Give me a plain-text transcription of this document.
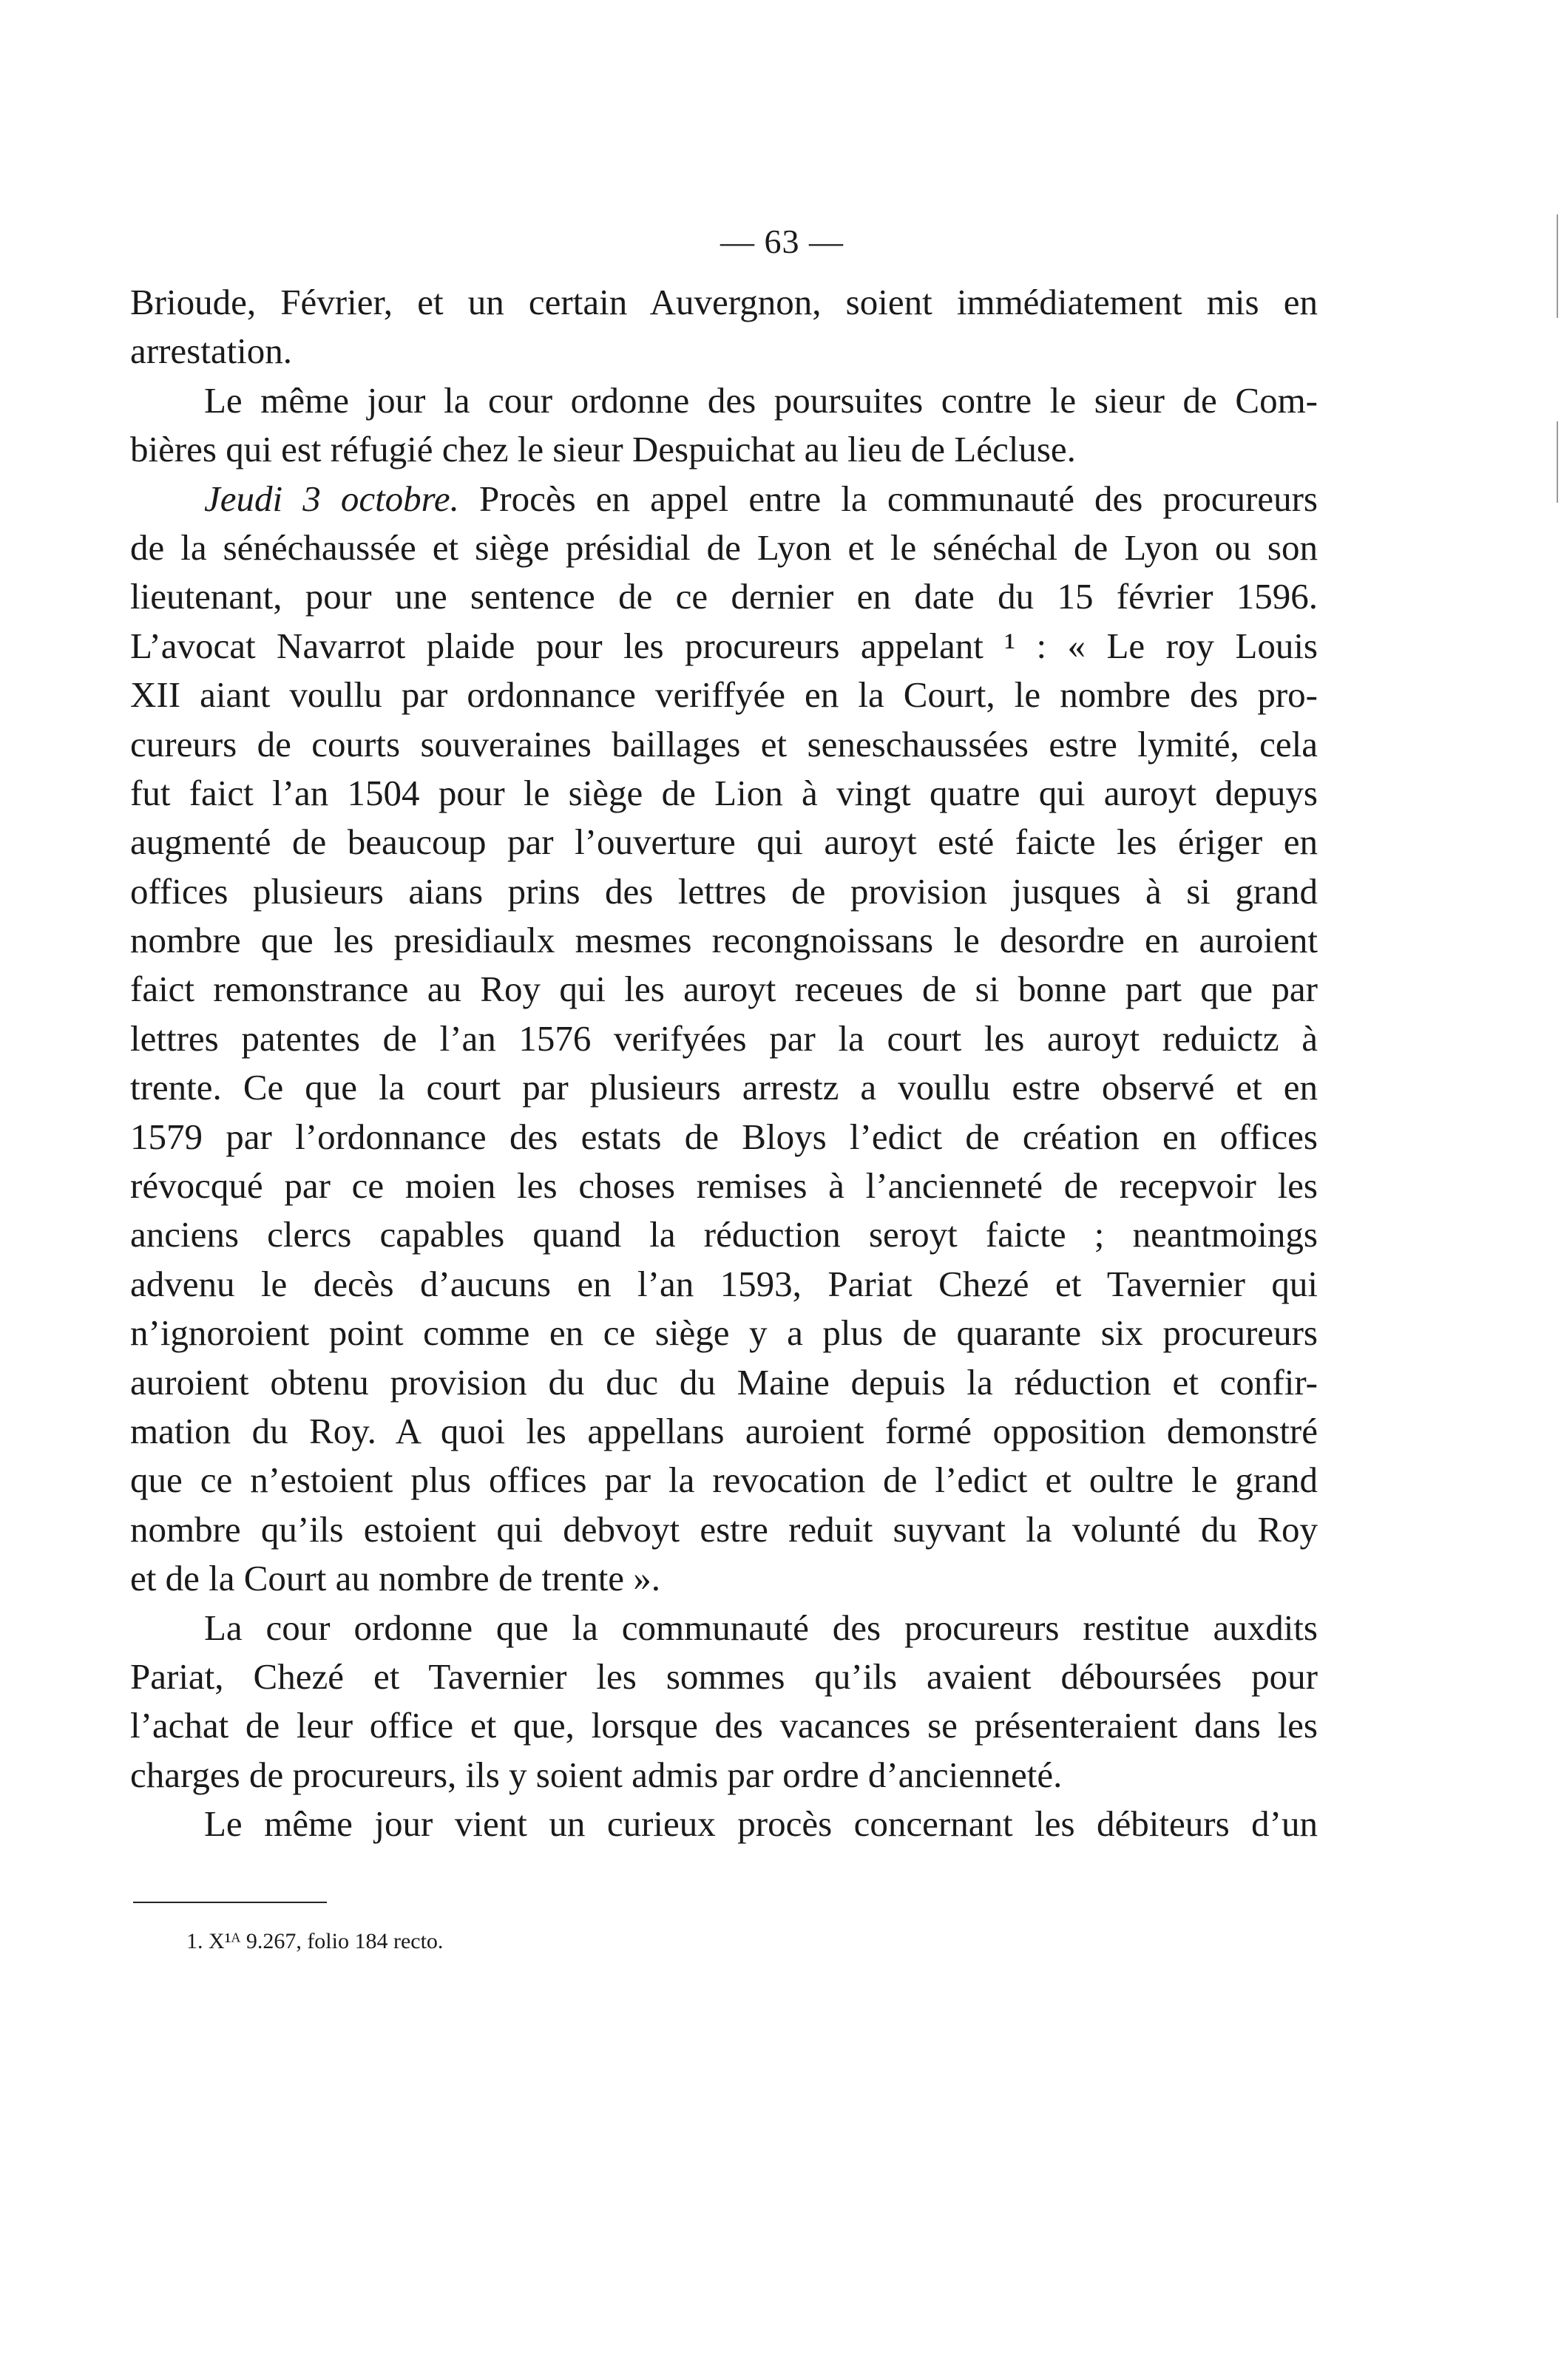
— 63 —
Brioude, Février, et un certain Auvergnon, soient immédiatement mis en
arrestation.
Le même jour la cour ordonne des poursuites contre le sieur de Com-
bières qui est réfugié chez le sieur Despuichat au lieu de Lécluse.
Jeudi 3 octobre. Procès en appel entre la communauté des procureurs
de la sénéchaussée et siège présidial de Lyon et le sénéchal de Lyon ou son
lieutenant, pour une sentence de ce dernier en date du 15 février 1596.
L’avocat Navarrot plaide pour les procureurs appelant ¹ : « Le roy Louis
XII aiant voullu par ordonnance veriffyée en la Court, le nombre des pro-
cureurs de courts souveraines baillages et seneschaussées estre lymité, cela
fut faict l’an 1504 pour le siège de Lion à vingt quatre qui auroyt depuys
augmenté de beaucoup par l’ouverture qui auroyt esté faicte les ériger en
offices plusieurs aians prins des lettres de provision jusques à si grand
nombre que les presidiaulx mesmes recongnoissans le desordre en auroient
faict remonstrance au Roy qui les auroyt receues de si bonne part que par
lettres patentes de l’an 1576 verifyées par la court les auroyt reduictz à
trente. Ce que la court par plusieurs arrestz a voullu estre observé et en
1579 par l’ordonnance des estats de Bloys l’edict de création en offices
révocqué par ce moien les choses remises à l’ancienneté de recepvoir les
anciens clercs capables quand la réduction seroyt faicte ; neantmoings
advenu le decès d’aucuns en l’an 1593, Pariat Chezé et Tavernier qui
n’ignoroient point comme en ce siège y a plus de quarante six procureurs
auroient obtenu provision du duc du Maine depuis la réduction et confir-
mation du Roy. A quoi les appellans auroient formé opposition demonstré
que ce n’estoient plus offices par la revocation de l’edict et oultre le grand
nombre qu’ils estoient qui debvoyt estre reduit suyvant la volunté du Roy
et de la Court au nombre de trente ».
La cour ordonne que la communauté des procureurs restitue auxdits
Pariat, Chezé et Tavernier les sommes qu’ils avaient déboursées pour
l’achat de leur office et que, lorsque des vacances se présenteraient dans les
charges de procureurs, ils y soient admis par ordre d’ancienneté.
Le même jour vient un curieux procès concernant les débiteurs d’un
1. X¹ᴬ 9.267, folio 184 recto.
